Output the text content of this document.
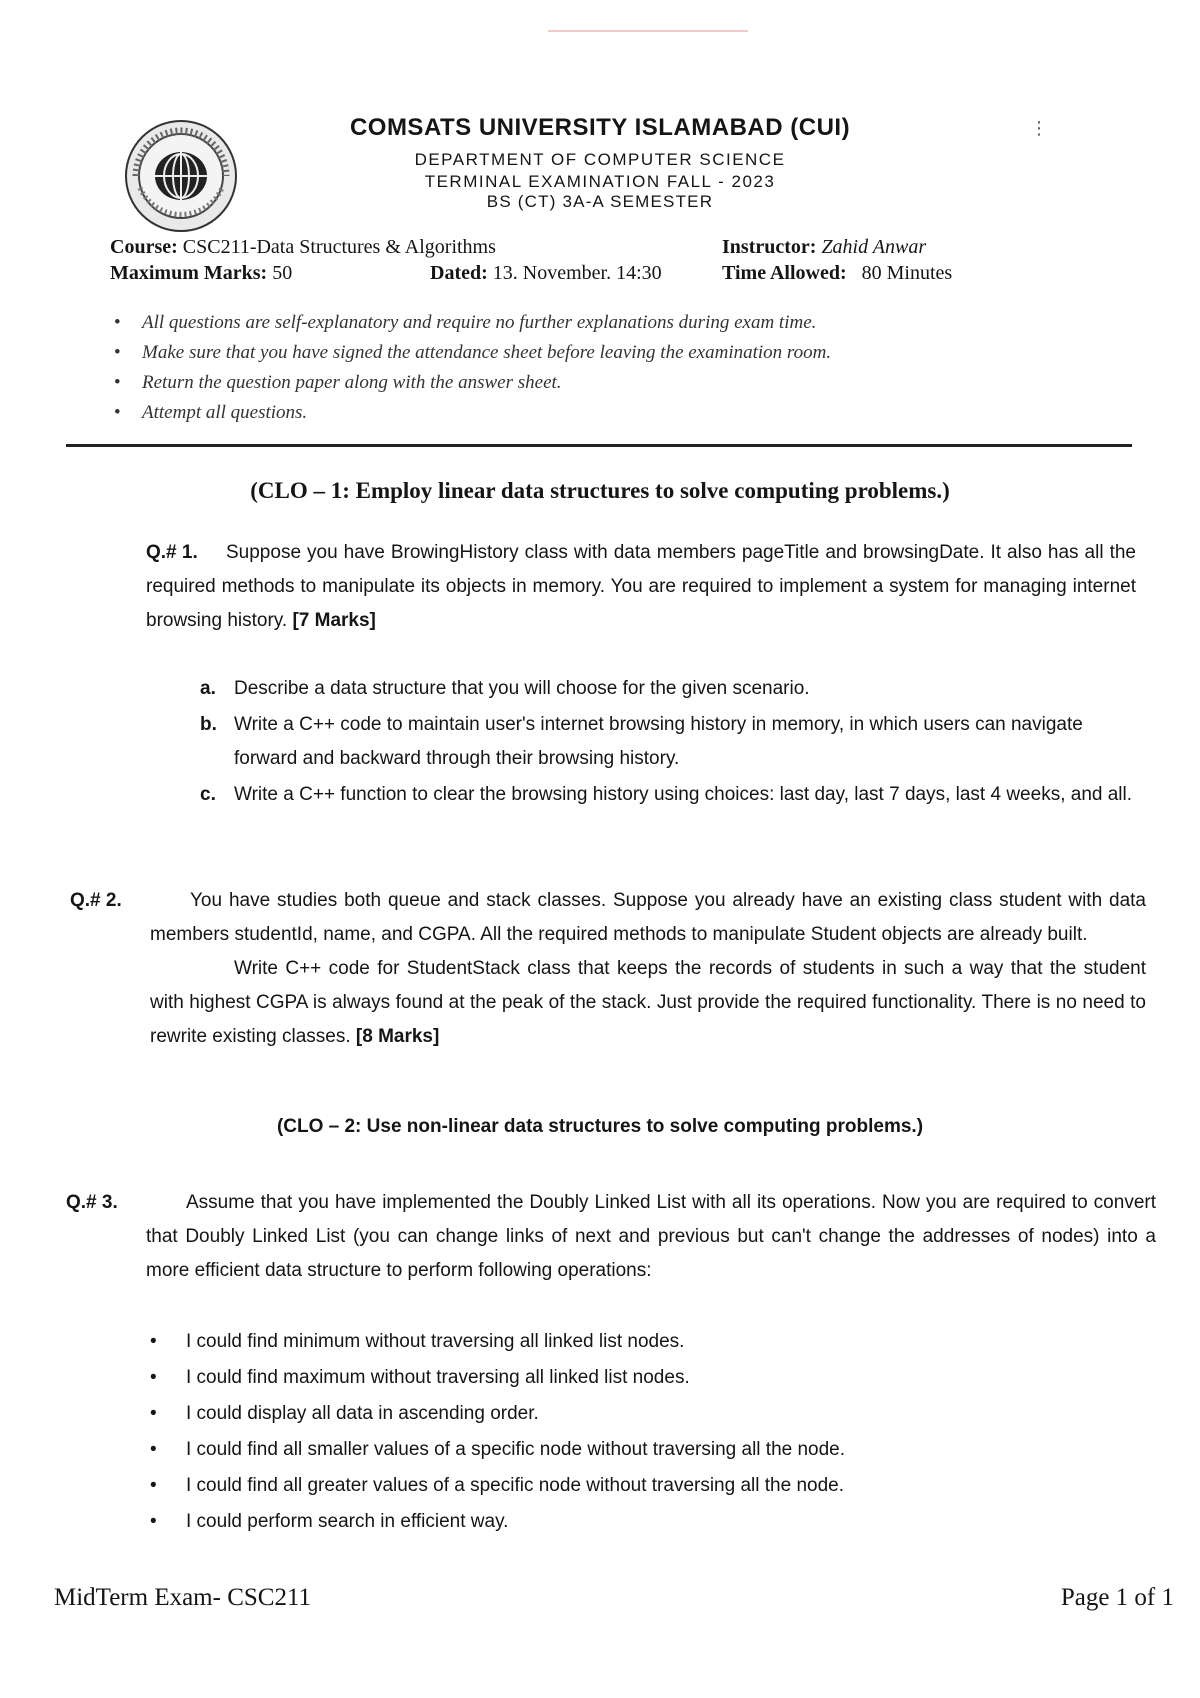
⋮
COMSATS UNIVERSITY ISLAMABAD (CUI)
DEPARTMENT OF COMPUTER SCIENCE
TERMINAL EXAMINATION FALL - 2023
BS (CT) 3A-A SEMESTER
Course: CSC211-Data Structures & Algorithms	Instructor: Zahid Anwar
Maximum Marks: 50	Dated: 13. November. 14:30	Time Allowed: 80 Minutes
• All questions are self-explanatory and require no further explanations during exam time.
• Make sure that you have signed the attendance sheet before leaving the examination room.
• Return the question paper along with the answer sheet.
• Attempt all questions.
(CLO – 1: Employ linear data structures to solve computing problems.)
Q.# 1. Suppose you have BrowingHistory class with data members pageTitle and browsingDate. It also has all the required methods to manipulate its objects in memory. You are required to implement a system for managing internet browsing history. [7 Marks]
a. Describe a data structure that you will choose for the given scenario.
b. Write a C++ code to maintain user's internet browsing history in memory, in which users can navigate forward and backward through their browsing history.
c. Write a C++ function to clear the browsing history using choices: last day, last 7 days, last 4 weeks, and all.
Q.# 2.	You have studies both queue and stack classes. Suppose you already have an existing class student with data members studentId, name, and CGPA. All the required methods to manipulate Student objects are already built.
Write C++ code for StudentStack class that keeps the records of students in such a way that the student with highest CGPA is always found at the peak of the stack. Just provide the required functionality. There is no need to rewrite existing classes. [8 Marks]
(CLO – 2: Use non-linear data structures to solve computing problems.)
Q.# 3.	Assume that you have implemented the Doubly Linked List with all its operations. Now you are required to convert that Doubly Linked List (you can change links of next and previous but can't change the addresses of nodes) into a more efficient data structure to perform following operations:
• I could find minimum without traversing all linked list nodes.
• I could find maximum without traversing all linked list nodes.
• I could display all data in ascending order.
• I could find all smaller values of a specific node without traversing all the node.
• I could find all greater values of a specific node without traversing all the node.
• I could perform search in efficient way.
MidTerm Exam- CSC211	Page 1 of 1
